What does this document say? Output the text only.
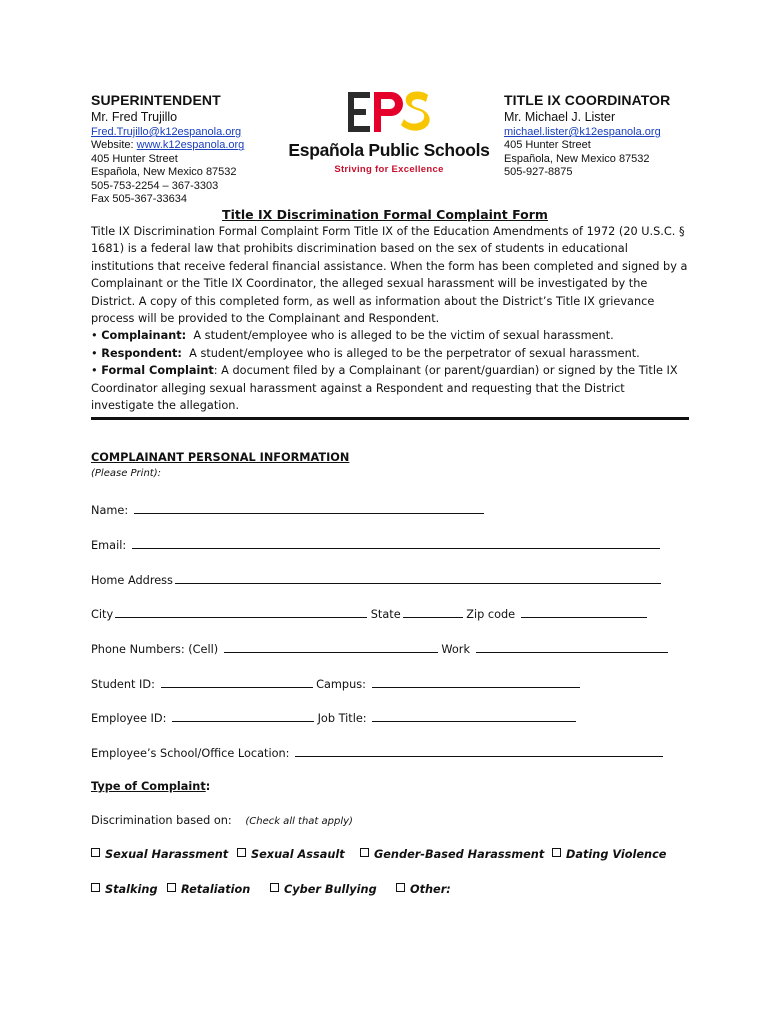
SUPERINTENDENT
Mr. Fred Trujillo
Fred.Trujillo@k12espanola.org
Website: www.k12espanola.org
405 Hunter Street
Española, New Mexico 87532
505-753-2254 – 367-3303
Fax 505-367-33634
Española Public Schools
Striving for Excellence
TITLE IX COORDINATOR
Mr. Michael J. Lister
michael.lister@k12espanola.org
405 Hunter Street
Española, New Mexico 87532
505-927-8875
Title IX Discrimination Formal Complaint Form
Title IX Discrimination Formal Complaint Form Title IX of the Education Amendments of 1972 (20 U.S.C. § 1681) is a federal law that prohibits discrimination based on the sex of students in educational institutions that receive federal financial assistance. When the form has been completed and signed by a Complainant or the Title IX Coordinator, the alleged sexual harassment will be investigated by the District. A copy of this completed form, as well as information about the District’s Title IX grievance process will be provided to the Complainant and Respondent.
• Complainant: A student/employee who is alleged to be the victim of sexual harassment.
• Respondent: A student/employee who is alleged to be the perpetrator of sexual harassment.
• Formal Complaint: A document filed by a Complainant (or parent/guardian) or signed by the Title IX Coordinator alleging sexual harassment against a Respondent and requesting that the District investigate the allegation.
COMPLAINANT PERSONAL INFORMATION
(Please Print):
Name:
Email:
Home Address
City	State	Zip code
Phone Numbers: (Cell)	Work
Student ID:	Campus:
Employee ID:	Job Title:
Employee’s School/Office Location:
Type of Complaint:
Discrimination based on: (Check all that apply)
Sexual Harassment	Sexual Assault	Gender-Based Harassment	Dating Violence
Stalking	Retaliation	Cyber Bullying	Other:
